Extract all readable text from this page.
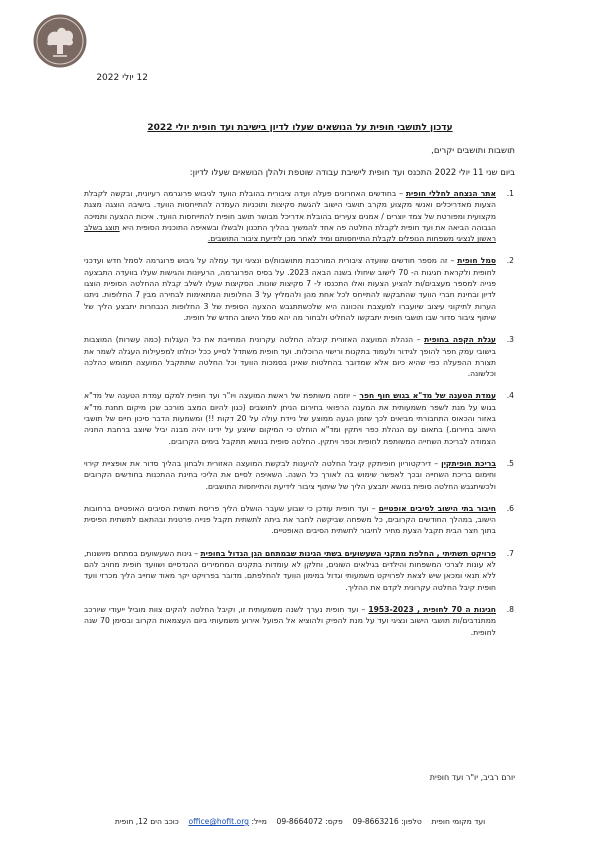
12 יולי 2022
עדכון לתושבי חופית על הנושאים שעלו לדיון בישיבת ועד חופית יולי 2022
תושבות ותושבים יקרים,
ביום שני 11 יולי 2022 התכנס ועד חופית לישיבת עבודה שוטפת ולהלן הנושאים שעלו לדיון:
1.
אתר הנצחה לחללי חופית – בחודשים האחרונים פעלה ועדה ציבורית בהובלת הוועד לגיבוש פרוגרמה רעיונית, ובקשה לקבלת הצעות מאדריכלים ואנשי מקצוע מקרב תושבי הישוב להגשת סקיצות ותוכניות העמדה להתייחסות הוועד. בישיבה הוצגה מצגת מקצועית ומפורטת של צמד יוצרים / אמנים צעירים בהובלת אדריכל מבושר תושב חופית להתייחסות הוועד. איכות ההצעה ותמיכה הגבוהה הביאה את ועד חופית לקבלת החלטה פה אחד להמשיך בהליך התכנון ולבשלו ובשאיפה התוכנית הסופית היא תוצג בשלב ראשון לנציגי משפחות הנופלים לקבלת התייחסותם ומיד לאחר מכן לידיעת ציבור התושבים.
2.
סמל חופית – זה מספר חודשים שוועדה ציבורית המורכבת מתושבות/ים ונציגי ועד עמלה על גיבוש פרוגרמה לסמל חדש ועדכני לחופית ולקראת חגיגות ה- 70 לישוב שיחולו בשנה הבאה 2023. על בסיס הפרוגרמה, הרעיונות והגישות שעלו בוועדה התבצעה פנייה למספר מעצבים/ות להציע הצעות ואלו התכנסו ל- 7 סקיצות שונות. הסקיצות שעלו לשלב קבלת ההחלטה הסופית הוצגו לדיון ובחינת חברי הוועד שהתבקשו להתייחס לכל אחת מהן ולהמליץ על 3 החלופות המתאימות לבחירה מבין 7 החלופות. ניתנו הערות לתיקוני עיצוב שיועברו למעצבת והכוונה היא שלכשתתגבש ההצעה הסופית של 3 החלופות הנבחרות יתבצע הליך של שיתוף ציבור סדור שבו תושבי חופית יתבקשו להחליט ולבחור מה יהא סמל הישוב החדש של חופית.
3.
עגלת הקפה בחופית – הנהלת המועצה האזורית קיבלה החלטה עקרונית המחייבת את כל העגלות (כמה עשרות) המוצבות בישובי עמק חפר להופך לגידור ולעמוד בתקנות ורישוי הרוכלות. ועד חופית משתדל לסייע ככל יכולתו למפעילות העגלה לשמר את תצורת ההפעלה כפי שהיא כיום אלא שמדובר בהחלטות שאינן בסמכות הוועד וכל החלטה שתתקבל המועצה תמומש כהלכה וכלשונה.
4.
עמדת הטענה של מד"א בגוש חוף חפר – יוזמה משותפת של ראשת המועצה ויו"ר ועד חופית למקם עמדת הטענה של מד"א בגוש על מנת לשפר משמעותית את המענה הרפואי בחירום הניתן לתושבים (כגון להיום המצב מורכב שכן מיקום תחנת מד"א באזור והכאוס התחבורתי מביאים לכך שזמן הגעה ממוצע של ניידת עולה על 20 דקות !!) ומשמעות הדבר סיכון חיים של תושבי הישוב בחירום.) בתאום עם הנהלת כפר ויתקין ומד"א הוחלט כי המיקום שיוצע על ידינו יהיה מבנה יביל שיוצב ברחבת החניה הצמודה לבריכת השחייה המשותפת לחופית וכפר ויתקין. החלטה סופית בנושא תתקבל בימים הקרובים.
5.
בריכת חופיתקין – דירקטוריון חופיתקין קיבל החלטה להיענות לבקשת המועצה האזורית ולבחון בהליך סדור את אופציית קירוי וחימום בריכת השחייה ובכך לאפשר שימוש בה לאורך כל השנה. השאיפה לסיים את הליכי בחינת ההתכנות בחודשים הקרובים ולכשיתגבש החלטה סופית בנושא יתבצע הליך של שיתוף ציבור לידיעת והתייחסות התושבים.
6.
חיבור בתי הישוב לסיבים אופטיים – ועד חופית עודכן כי שבוע שעבר הושלם הליך פריסת תשתית הסיבים האופטיים ברחובות הישוב, במהלך החודשים הקרובים, כל משפחה שביקשה לחבר את ביתה לתשתית תקבל פנייה פרטנית ובהתאם לתשתית הפיסית בתוך חצר הבית תקבל הצעת מחיר לחיבור לתשתית הסיבים האופטיים.
7.
פרויקט תשתיתי , החלפת מתקני השעשועים בשתי הגינות שבמתחם הגן הגדול בחופית – גינות השעשועים במתחם מיושנות, לא עונות לצרכי המשפחות והילדים בגילאים השונים, וחלקן לא עומדות בתקנים המחמירים ההנדסיים ושוועד חופית מחויב להם ללא תנאי ומכאן שיש לצאת לפרויקט משמעותי וגדול במימון הוועד להחלפתם. מדובר בפרויקט יקר מאוד שחייב הליך מכרזי וועד חופית קיבל החלטה עקרונית לקדם את ההליך.
8.
חגיגות ה 70 לחופית , 1953-2023 – ועד חופית נערך לשנה משמעותית זו, וקיבל החלטה להקים צוות מוביל ייעודי שיורכב ממתנדבים/ות תושבי הישוב ונציגי ועד על מנת להפיק ולהוציא אל הפועל אירוע משמעותי ביום העצמאות הקרוב ובסימן 70 שנה לחופית.
יורם רביב, יו"ר ועד חופית
ועד מקומי חופית    טלפון: 09-8663216    פקס: 09-8664072    מייל: office@hofit.org    כוכב הים 12, חופית
